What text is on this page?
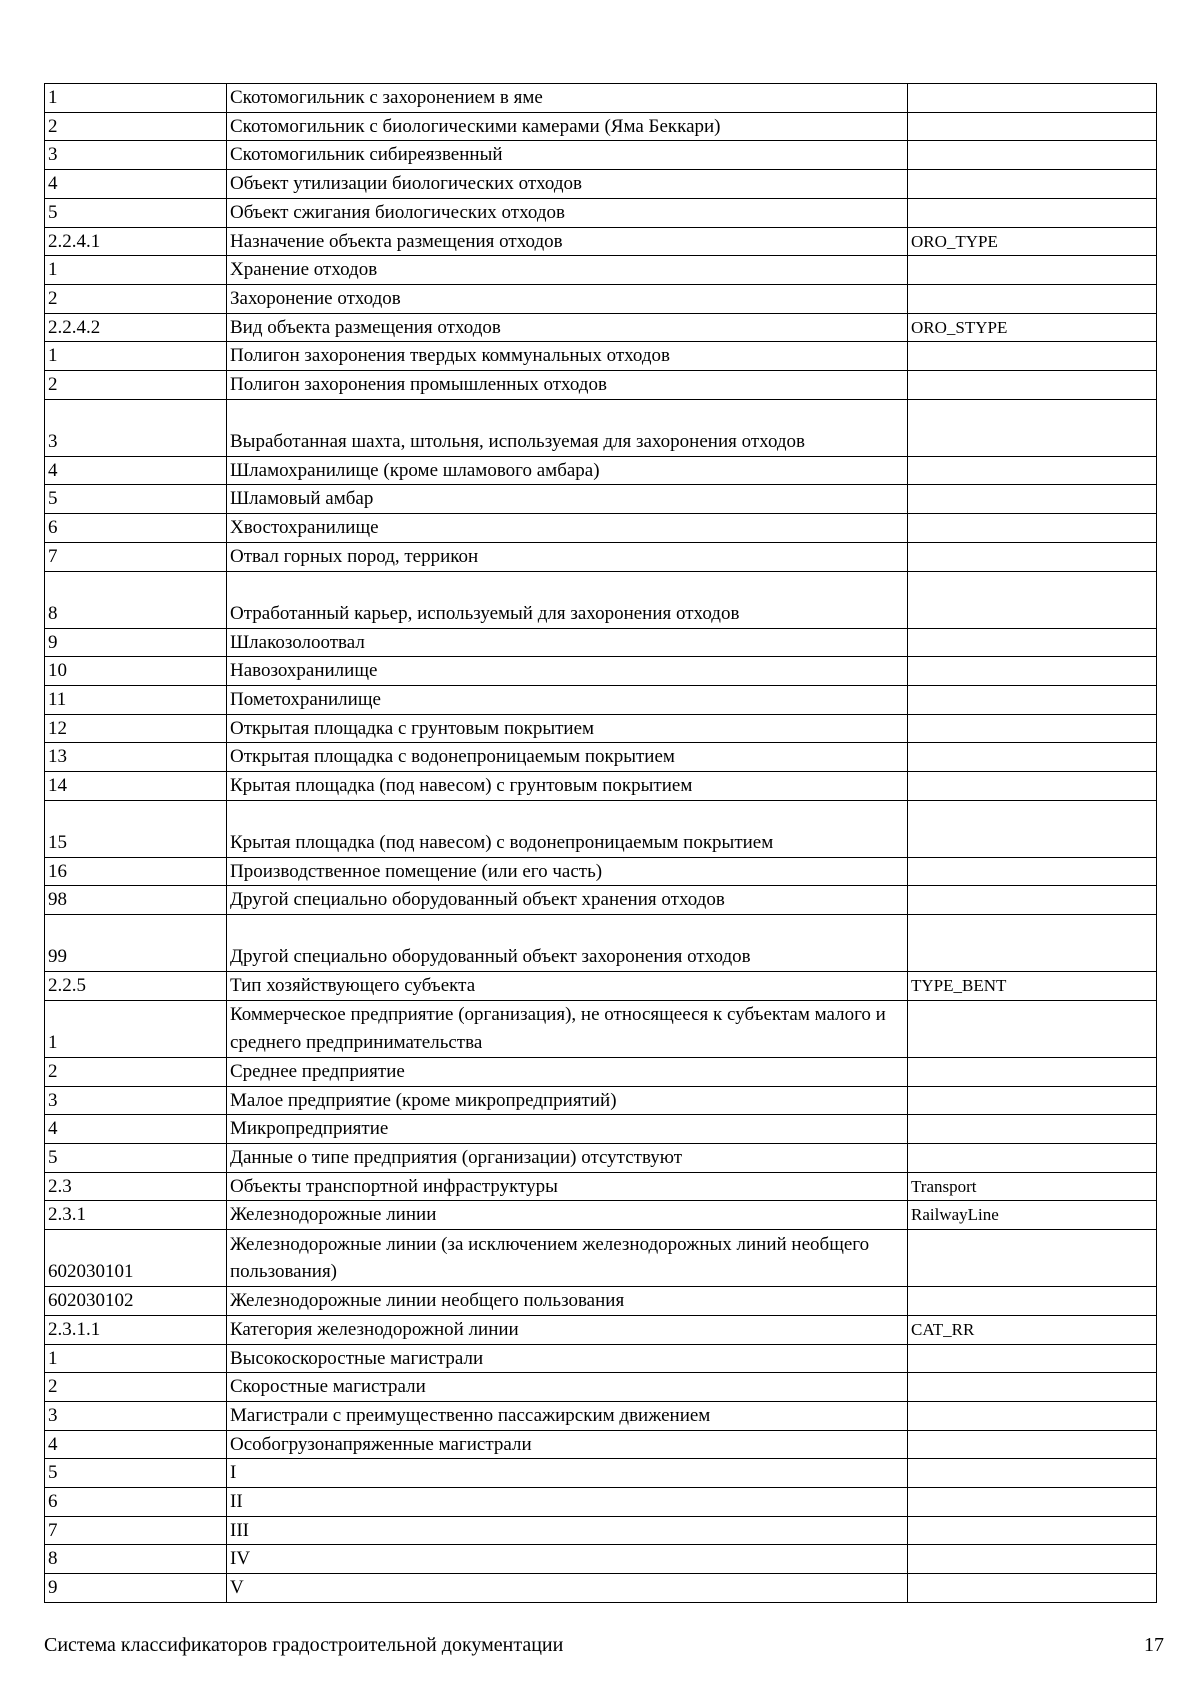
1	Скотомогильник с захоронением в яме	
2	Скотомогильник с биологическими камерами (Яма Беккари)	
3	Скотомогильник сибиреязвенный	
4	Объект утилизации биологических отходов	
5	Объект сжигания биологических отходов	
2.2.4.1	Назначение объекта размещения отходов	ORO_TYPE
1	Хранение отходов	
2	Захоронение отходов	
2.2.4.2	Вид объекта размещения отходов	ORO_STYPE
1	Полигон захоронения твердых коммунальных отходов	
2	Полигон захоронения промышленных отходов	
3	Выработанная шахта, штольня, используемая для захоронения отходов	
4	Шламохранилище (кроме шламового амбара)	
5	Шламовый амбар	
6	Хвостохранилище	
7	Отвал горных пород, террикон	
8	Отработанный карьер, используемый для захоронения отходов	
9	Шлакозолоотвал	
10	Навозохранилище	
11	Пометохранилище	
12	Открытая площадка с грунтовым покрытием	
13	Открытая площадка с водонепроницаемым покрытием	
14	Крытая площадка (под навесом) с грунтовым покрытием	
15	Крытая площадка (под навесом) с водонепроницаемым покрытием	
16	Производственное помещение (или его часть)	
98	Другой специально оборудованный объект хранения отходов	
99	Другой специально оборудованный объект захоронения отходов	
2.2.5	Тип хозяйствующего субъекта	TYPE_BENT
1	Коммерческое предприятие (организация), не относящееся к субъектам малого и среднего предпринимательства	
2	Среднее предприятие	
3	Малое предприятие (кроме микропредприятий)	
4	Микропредприятие	
5	Данные о типе предприятия (организации) отсутствуют	
2.3	Объекты транспортной инфраструктуры	Transport
2.3.1	Железнодорожные линии	RailwayLine
602030101	Железнодорожные линии (за исключением железнодорожных линий необщего пользования)	
602030102	Железнодорожные линии необщего пользования	
2.3.1.1	Категория железнодорожной линии	CAT_RR
1	Высокоскоростные магистрали	
2	Скоростные магистрали	
3	Магистрали с преимущественно пассажирским движением	
4	Особогрузонапряженные магистрали	
5	I	
6	II	
7	III	
8	IV	
9	V	
Система классификаторов градостроительной документации	17
